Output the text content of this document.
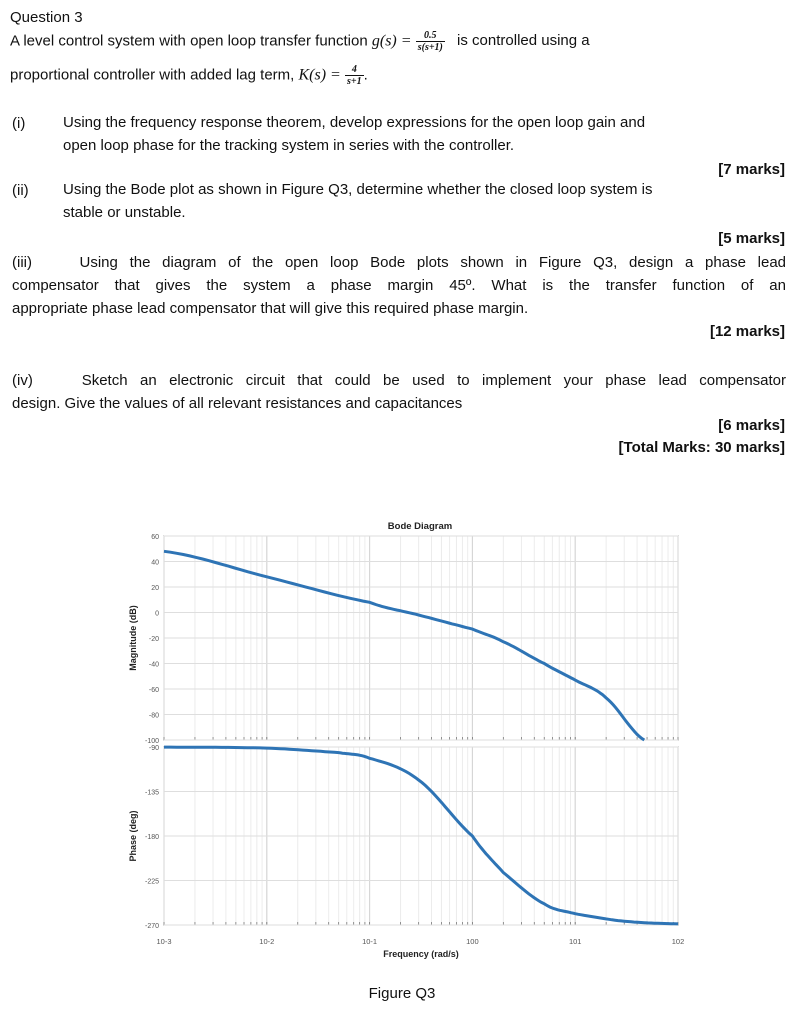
Question 3
A level control system with open loop transfer function $g(s) = \frac{0.5}{s(s+1)}$ is controlled using a
proportional controller with added lag term, $K(s) = \frac{4}{s+1}$ .
(i)	Using the frequency response theorem, develop expressions for the open loop gain and
open loop phase for the tracking system in series with the controller.
[7 marks]
(ii) Using the Bode plot as shown in Figure Q3, determine whether the closed loop system is
stable or unstable.
[5 marks]
(iii)	Using the diagram of the open loop Bode plots shown in Figure Q3, design a phase lead
compensator that gives the system a phase margin 45º. What is the transfer function of an
appropriate phase lead compensator that will give this required phase margin.
[12 marks]
(iv)	Sketch an electronic circuit that could be used to implement your phase lead compensator
design. Give the values of all relevant resistances and capacitances
[6 marks]
[Total Marks: 30 marks]
Bode Diagram
60
40
20
0
-20
-40
-60
-80
-100
Magnitude (dB)
-90
-135
-180
-225
-270
Phase (deg)
10-3	10-2	10-1	100	101	102
Frequency (rad/s)
Figure Q3
